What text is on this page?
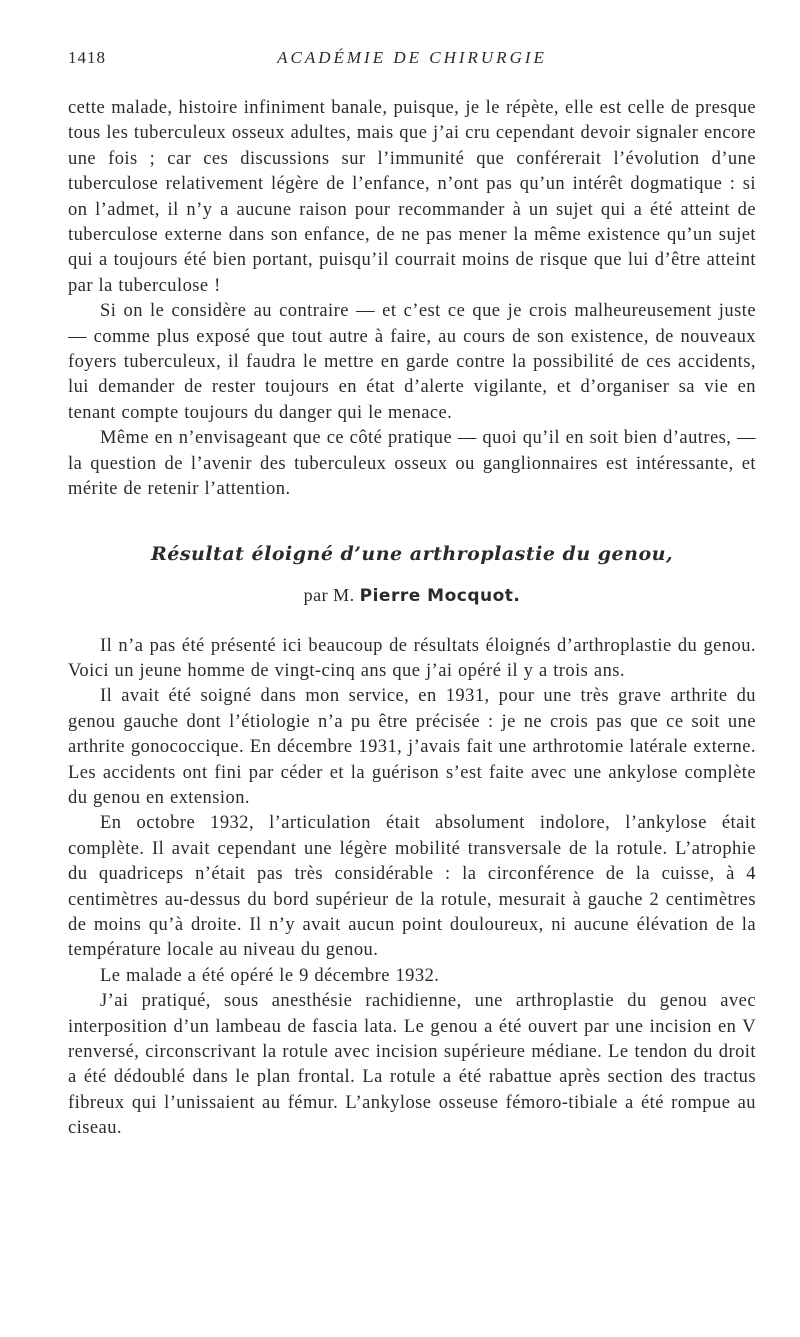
1418	ACADÉMIE DE CHIRURGIE

cette malade, histoire infiniment banale, puisque, je le répète, elle est celle de presque tous les tuberculeux osseux adultes, mais que j’ai cru cependant devoir signaler encore une fois ; car ces discussions sur l’immunité que conférerait l’évolution d’une tuberculose relativement légère de l’enfance, n’ont pas qu’un intérêt dogmatique : si on l’admet, il n’y a aucune raison pour recommander à un sujet qui a été atteint de tuberculose externe dans son enfance, de ne pas mener la même existence qu’un sujet qui a toujours été bien portant, puisqu’il courrait moins de risque que lui d’être atteint par la tuberculose !

Si on le considère au contraire — et c’est ce que je crois malheureusement juste — comme plus exposé que tout autre à faire, au cours de son existence, de nouveaux foyers tuberculeux, il faudra le mettre en garde contre la possibilité de ces accidents, lui demander de rester toujours en état d’alerte vigilante, et d’organiser sa vie en tenant compte toujours du danger qui le menace.

Même en n’envisageant que ce côté pratique — quoi qu’il en soit bien d’autres, — la question de l’avenir des tuberculeux osseux ou ganglionnaires est intéressante, et mérite de retenir l’attention.

Résultat éloigné d’une arthroplastie du genou,

par M. Pierre Mocquot.

Il n’a pas été présenté ici beaucoup de résultats éloignés d’arthroplastie du genou. Voici un jeune homme de vingt-cinq ans que j’ai opéré il y a trois ans.

Il avait été soigné dans mon service, en 1931, pour une très grave arthrite du genou gauche dont l’étiologie n’a pu être précisée : je ne crois pas que ce soit une arthrite gonococcique. En décembre 1931, j’avais fait une arthrotomie latérale externe. Les accidents ont fini par céder et la guérison s’est faite avec une ankylose complète du genou en extension.

En octobre 1932, l’articulation était absolument indolore, l’ankylose était complète. Il avait cependant une légère mobilité transversale de la rotule. L’atrophie du quadriceps n’était pas très considérable : la circonférence de la cuisse, à 4 centimètres au-dessus du bord supérieur de la rotule, mesurait à gauche 2 centimètres de moins qu’à droite. Il n’y avait aucun point douloureux, ni aucune élévation de la température locale au niveau du genou.

Le malade a été opéré le 9 décembre 1932.

J’ai pratiqué, sous anesthésie rachidienne, une arthroplastie du genou avec interposition d’un lambeau de fascia lata. Le genou a été ouvert par une incision en V renversé, circonscrivant la rotule avec incision supérieure médiane. Le tendon du droit a été dédoublé dans le plan frontal. La rotule a été rabattue après section des tractus fibreux qui l’unissaient au fémur. L’ankylose osseuse fémoro-tibiale a été rompue au ciseau.
